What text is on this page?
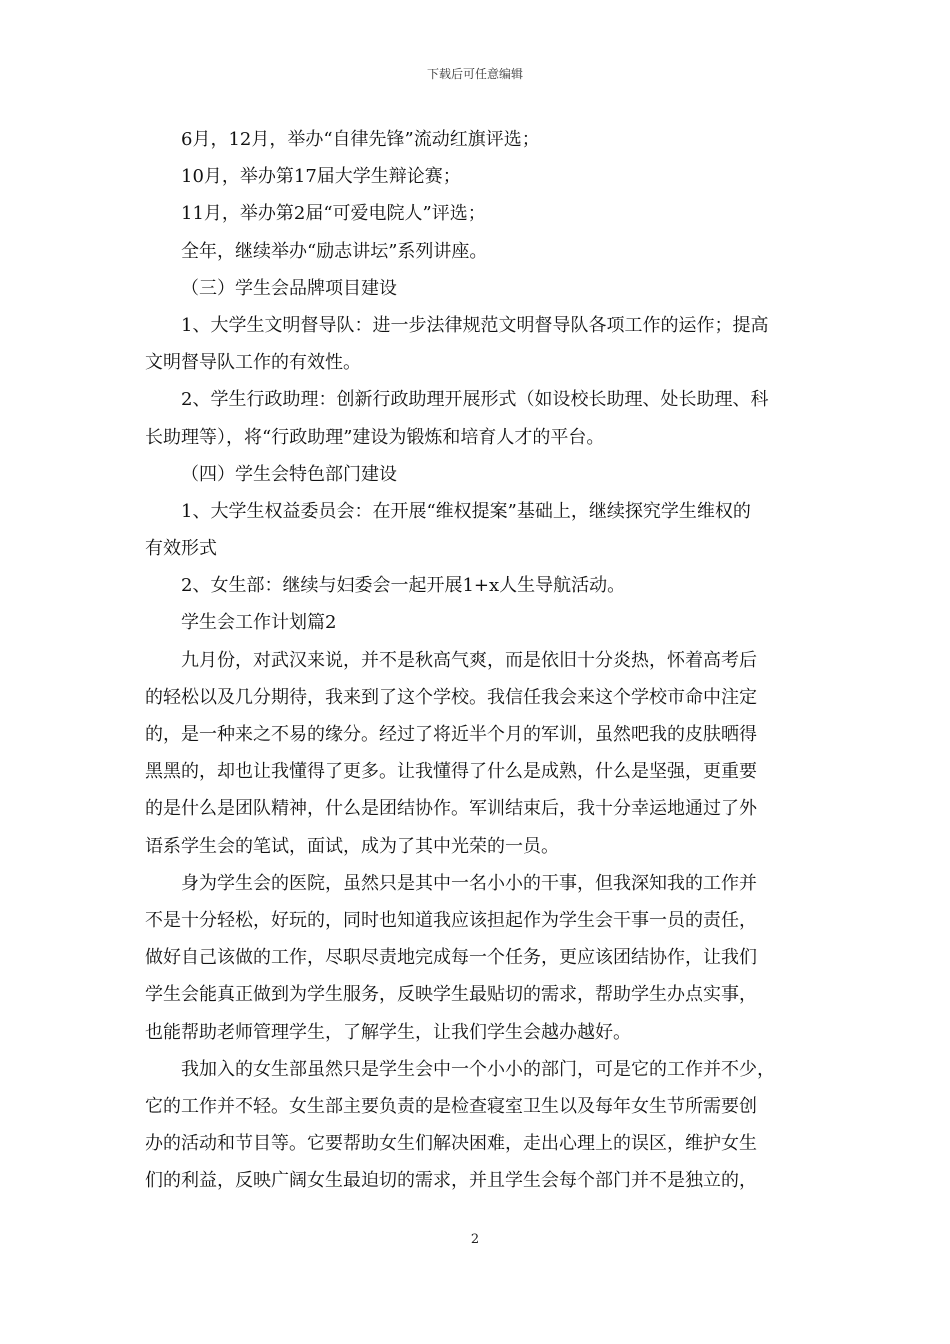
下载后可任意编辑
6月，12月，举办“自律先锋”流动红旗评选；
10月，举办第17届大学生辩论赛；
11月，举办第2届“可爱电院人”评选；
全年，继续举办“励志讲坛”系列讲座。
（三）学生会品牌项目建设
1、大学生文明督导队：进一步法律规范文明督导队各项工作的运作；提高
文明督导队工作的有效性。
2、学生行政助理：创新行政助理开展形式（如设校长助理、处长助理、科
长助理等），将“行政助理”建设为锻炼和培育人才的平台。
（四）学生会特色部门建设
1、大学生权益委员会：在开展“维权提案”基础上，继续探究学生维权的
有效形式
2、女生部：继续与妇委会一起开展1+x人生导航活动。
学生会工作计划篇2
九月份，对武汉来说，并不是秋高气爽，而是依旧十分炎热，怀着高考后
的轻松以及几分期待，我来到了这个学校。我信任我会来这个学校市命中注定
的，是一种来之不易的缘分。经过了将近半个月的军训，虽然吧我的皮肤晒得
黑黑的，却也让我懂得了更多。让我懂得了什么是成熟，什么是坚强，更重要
的是什么是团队精神，什么是团结协作。军训结束后，我十分幸运地通过了外
语系学生会的笔试，面试，成为了其中光荣的一员。
身为学生会的医院，虽然只是其中一名小小的干事，但我深知我的工作并
不是十分轻松，好玩的，同时也知道我应该担起作为学生会干事一员的责任，
做好自己该做的工作，尽职尽责地完成每一个任务，更应该团结协作，让我们
学生会能真正做到为学生服务，反映学生最贴切的需求，帮助学生办点实事，
也能帮助老师管理学生，了解学生，让我们学生会越办越好。
我加入的女生部虽然只是学生会中一个小小的部门，可是它的工作并不少，
它的工作并不轻。女生部主要负责的是检查寝室卫生以及每年女生节所需要创
办的活动和节目等。它要帮助女生们解决困难，走出心理上的误区，维护女生
们的利益，反映广阔女生最迫切的需求，并且学生会每个部门并不是独立的，
2
